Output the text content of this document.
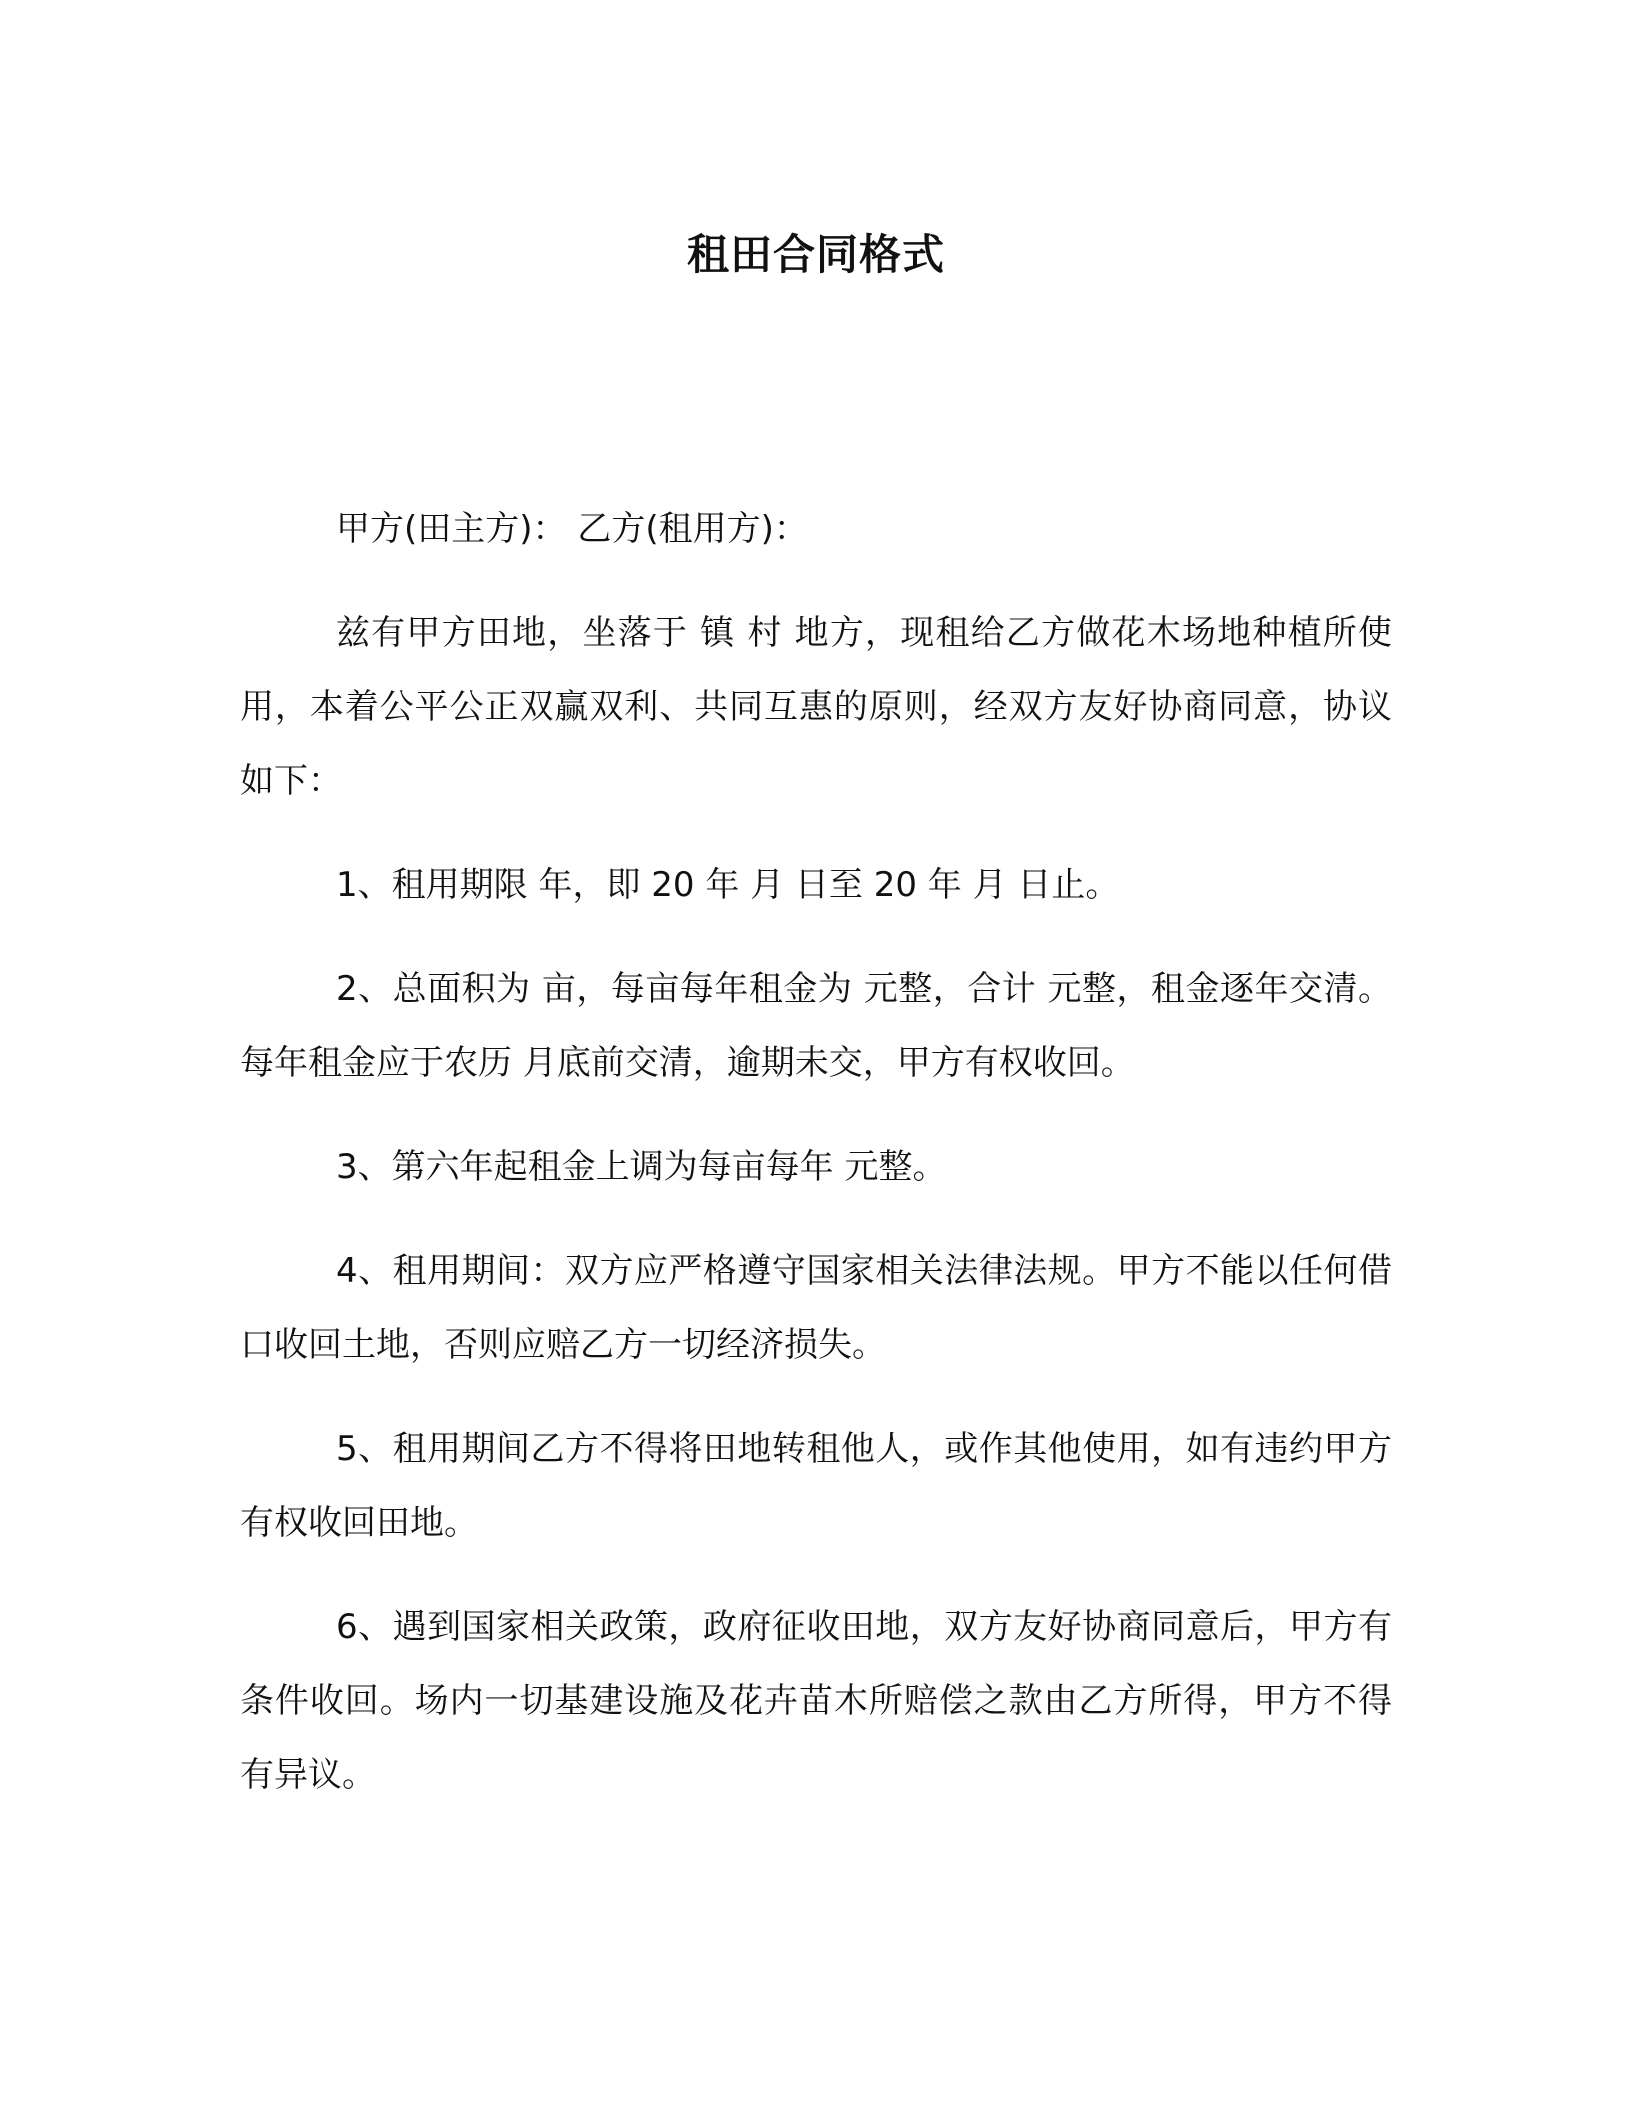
租田合同格式

甲方(田主方)： 乙方(租用方)：

兹有甲方田地，坐落于 镇 村 地方，现租给乙方做花木场地种植所使用，本着公平公正双赢双利、共同互惠的原则，经双方友好协商同意，协议如下：

1、租用期限 年，即 20 年 月 日至 20 年 月 日止。

2、总面积为 亩，每亩每年租金为 元整，合计 元整，租金逐年交清。每年租金应于农历 月底前交清，逾期未交，甲方有权收回。

3、第六年起租金上调为每亩每年 元整。

4、租用期间：双方应严格遵守国家相关法律法规。甲方不能以任何借口收回土地，否则应赔乙方一切经济损失。

5、租用期间乙方不得将田地转租他人，或作其他使用，如有违约甲方有权收回田地。

6、遇到国家相关政策，政府征收田地，双方友好协商同意后，甲方有条件收回。场内一切基建设施及花卉苗木所赔偿之款由乙方所得，甲方不得有异议。
